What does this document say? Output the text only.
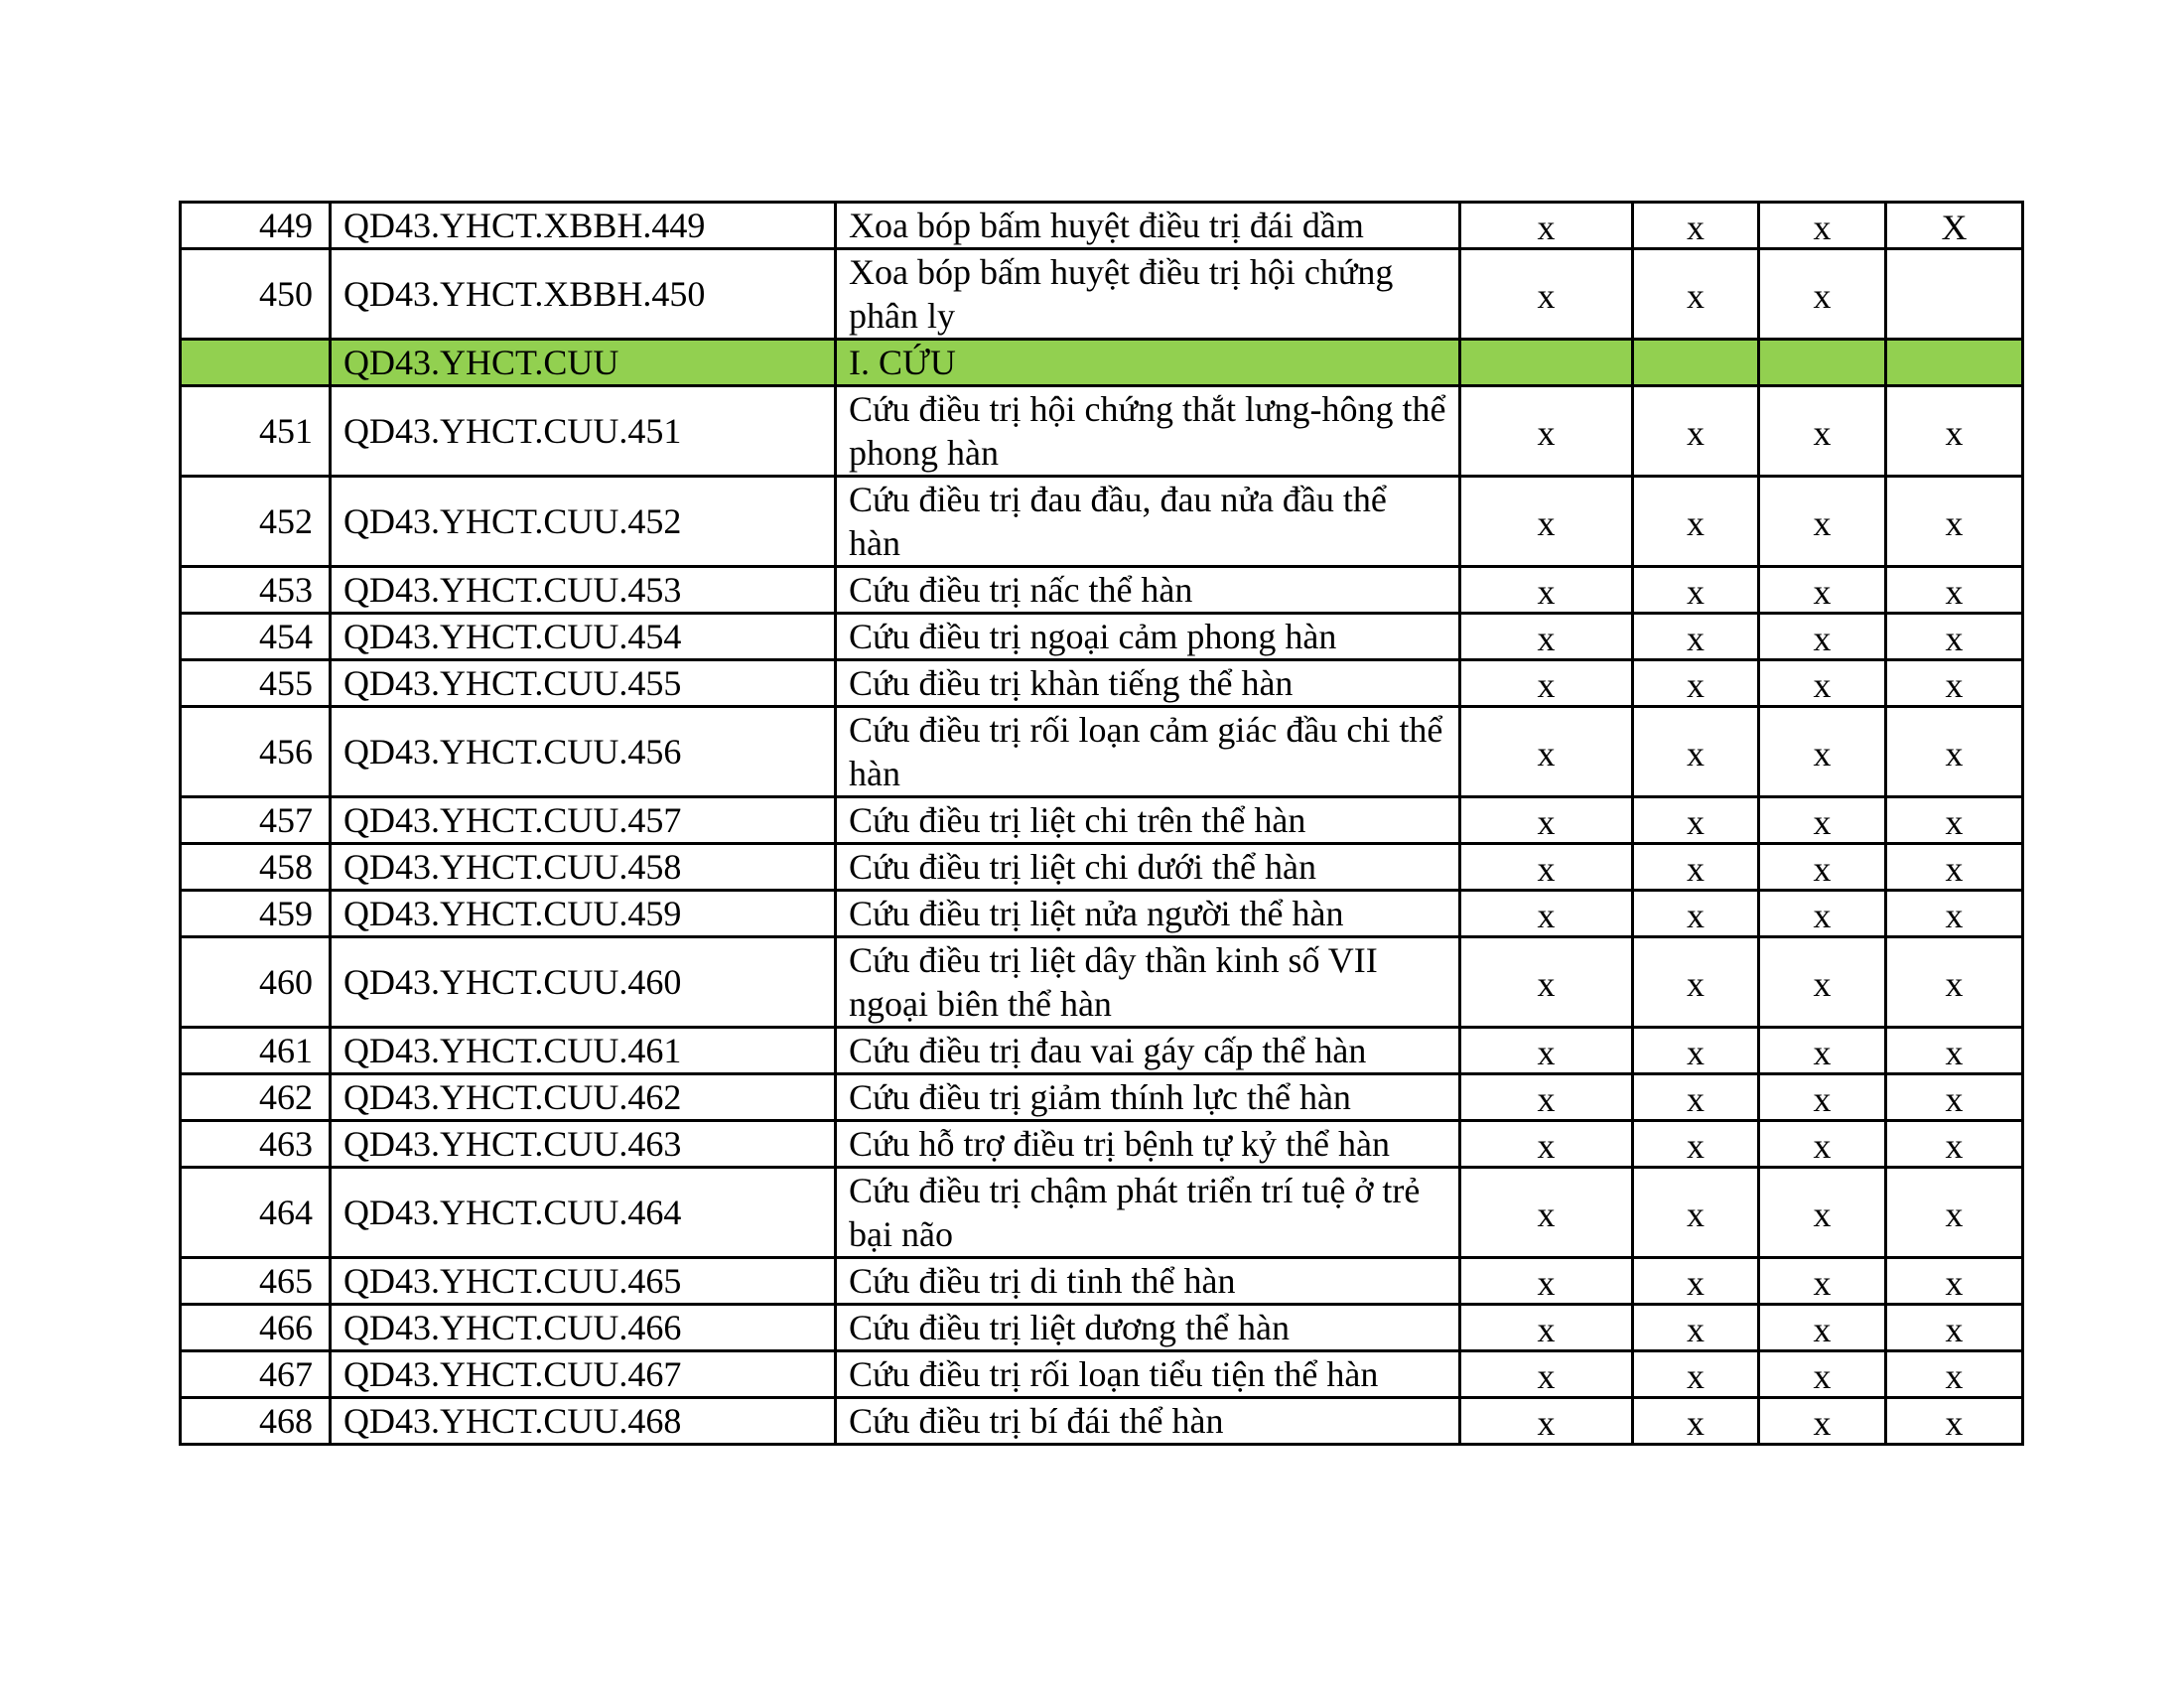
449	QD43.YHCT.XBBH.449	Xoa bóp bấm huyệt điều trị đái dầm	x	x	x	X
450	QD43.YHCT.XBBH.450	Xoa bóp bấm huyệt điều trị hội chứng phân ly	x	x	x	
	QD43.YHCT.CUU	I. CỨU				
451	QD43.YHCT.CUU.451	Cứu điều trị hội chứng thắt lưng-hông thể phong hàn	x	x	x	x
452	QD43.YHCT.CUU.452	Cứu điều trị đau đầu, đau nửa đầu thể hàn	x	x	x	x
453	QD43.YHCT.CUU.453	Cứu điều trị nấc thể hàn	x	x	x	x
454	QD43.YHCT.CUU.454	Cứu điều trị ngoại cảm phong hàn	x	x	x	x
455	QD43.YHCT.CUU.455	Cứu điều trị khàn tiếng thể hàn	x	x	x	x
456	QD43.YHCT.CUU.456	Cứu điều trị rối loạn cảm giác đầu chi thể hàn	x	x	x	x
457	QD43.YHCT.CUU.457	Cứu điều trị liệt chi trên thể hàn	x	x	x	x
458	QD43.YHCT.CUU.458	Cứu điều trị liệt chi dưới thể hàn	x	x	x	x
459	QD43.YHCT.CUU.459	Cứu điều trị liệt nửa người thể hàn	x	x	x	x
460	QD43.YHCT.CUU.460	Cứu điều trị liệt dây thần kinh số VII ngoại biên thể hàn	x	x	x	x
461	QD43.YHCT.CUU.461	Cứu điều trị đau vai gáy cấp thể hàn	x	x	x	x
462	QD43.YHCT.CUU.462	Cứu điều trị giảm thính lực thể hàn	x	x	x	x
463	QD43.YHCT.CUU.463	Cứu hỗ trợ điều trị bệnh tự kỷ thể hàn	x	x	x	x
464	QD43.YHCT.CUU.464	Cứu điều trị chậm phát triển trí tuệ ở trẻ bại não	x	x	x	x
465	QD43.YHCT.CUU.465	Cứu điều trị di tinh thể hàn	x	x	x	x
466	QD43.YHCT.CUU.466	Cứu điều trị liệt dương thể hàn	x	x	x	x
467	QD43.YHCT.CUU.467	Cứu điều trị rối loạn tiểu tiện thể hàn	x	x	x	x
468	QD43.YHCT.CUU.468	Cứu điều trị bí đái thể hàn	x	x	x	x
